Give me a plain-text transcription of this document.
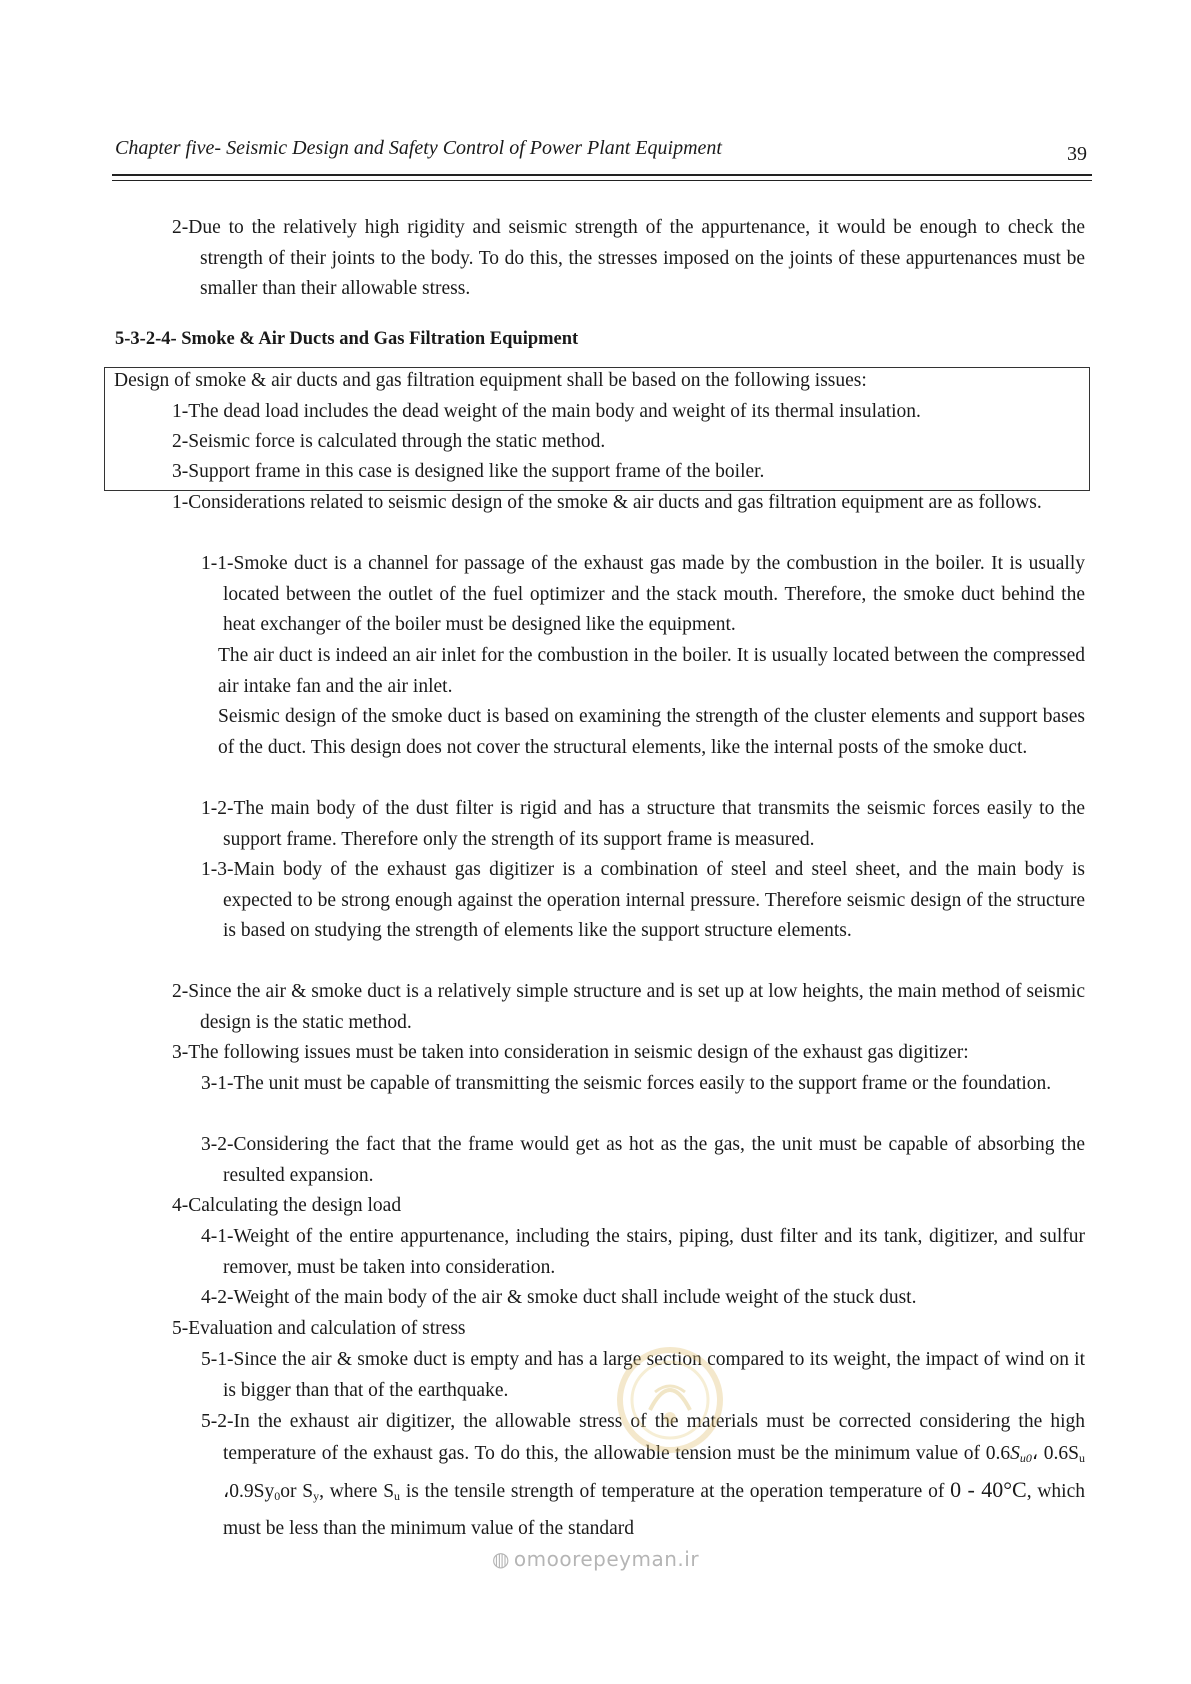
Chapter five- Seismic Design and Safety Control of Power Plant Equipment	39
2-Due to the relatively high rigidity and seismic strength of the appurtenance, it would be enough to check the strength of their joints to the body. To do this, the stresses imposed on the joints of these appurtenances must be smaller than their allowable stress.
5-3-2-4- Smoke & Air Ducts and Gas Filtration Equipment
Design of smoke & air ducts and gas filtration equipment shall be based on the following issues:
1-The dead load includes the dead weight of the main body and weight of its thermal insulation.
2-Seismic force is calculated through the static method.
3-Support frame in this case is designed like the support frame of the boiler.
1-Considerations related to seismic design of the smoke & air ducts and gas filtration equipment are as follows.
1-1-Smoke duct is a channel for passage of the exhaust gas made by the combustion in the boiler. It is usually located between the outlet of the fuel optimizer and the stack mouth. Therefore, the smoke duct behind the heat exchanger of the boiler must be designed like the equipment.
The air duct is indeed an air inlet for the combustion in the boiler. It is usually located between the compressed air intake fan and the air inlet.
Seismic design of the smoke duct is based on examining the strength of the cluster elements and support bases of the duct. This design does not cover the structural elements, like the internal posts of the smoke duct.
1-2-The main body of the dust filter is rigid and has a structure that transmits the seismic forces easily to the support frame. Therefore only the strength of its support frame is measured.
1-3-Main body of the exhaust gas digitizer is a combination of steel and steel sheet, and the main body is expected to be strong enough against the operation internal pressure. Therefore seismic design of the structure is based on studying the strength of elements like the support structure elements.
2-Since the air & smoke duct is a relatively simple structure and is set up at low heights, the main method of seismic design is the static method.
3-The following issues must be taken into consideration in seismic design of the exhaust gas digitizer:
3-1-The unit must be capable of transmitting the seismic forces easily to the support frame or the foundation.
3-2-Considering the fact that the frame would get as hot as the gas, the unit must be capable of absorbing the resulted expansion.
4-Calculating the design load
4-1-Weight of the entire appurtenance, including the stairs, piping, dust filter and its tank, digitizer, and sulfur remover, must be taken into consideration.
4-2-Weight of the main body of the air & smoke duct shall include weight of the stuck dust.
5-Evaluation and calculation of stress
5-1-Since the air & smoke duct is empty and has a large section compared to its weight, the impact of wind on it is bigger than that of the earthquake.
5-2-In the exhaust air digitizer, the allowable stress of the materials must be corrected considering the high temperature of the exhaust gas. To do this, the allowable tension must be the minimum value of $0.6S_{u0}،$ $0.6S_u$ $،0.9Sy_0or$ $S_y$, where $S_u$ is the tensile strength of temperature at the operation temperature of 0 - 40°C, which must be less than the minimum value of the standard
◍ omoorepeyman.ir
